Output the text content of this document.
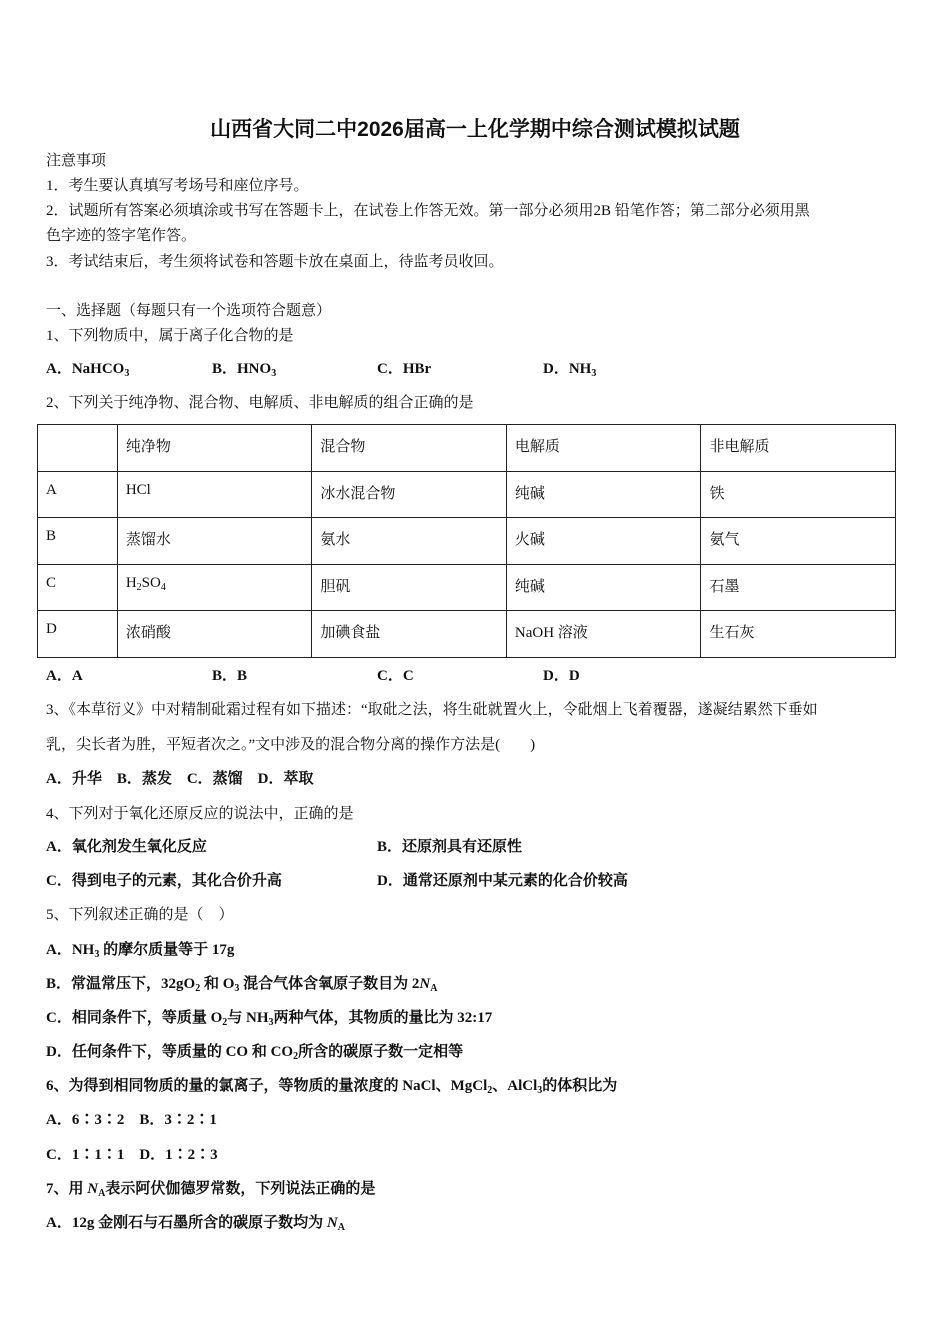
山西省大同二中2026届高一上化学期中综合测试模拟试题
注意事项
1．考生要认真填写考场号和座位序号。
2．试题所有答案必须填涂或书写在答题卡上，在试卷上作答无效。第一部分必须用2B 铅笔作答；第二部分必须用黑
色字迹的签字笔作答。
3．考试结束后，考生须将试卷和答题卡放在桌面上，待监考员收回。
一、选择题（每题只有一个选项符合题意）
1、下列物质中，属于离子化合物的是
A．NaHCO$_3$	B．$HNO_3$	C．HBr	D．$NH_3$
2、下列关于纯净物、混合物、电解质、非电解质的组合正确的是
	纯净物	混合物	电解质	非电解质
A	HCl	冰水混合物	纯碱	铁
B	蒸馏水	氨水	火碱	氨气
C	$H_2SO_4$	胆矾	纯碱	石墨
D	浓硝酸	加碘食盐	NaOH 溶液	生石灰
A．A	B．B	C．C	D．D
3、《本草衍义》中对精制砒霜过程有如下描述：“取砒之法，将生砒就置火上，令砒烟上飞着覆器，遂凝结累然下垂如
乳，尖长者为胜，平短者次之。”文中涉及的混合物分离的操作方法是(　　)
A．升华　B．蒸发　C．蒸馏　D．萃取
4、下列对于氧化还原反应的说法中，正确的是
A．氧化剂发生氧化反应	B．还原剂具有还原性
C．得到电子的元素，其化合价升高	D．通常还原剂中某元素的化合价较高
5、下列叙述正确的是（　）
A．$NH_3$ 的摩尔质量等于 17g
B．常温常压下，$32gO_2$ 和 $O_3$ 混合气体含氧原子数目为 $2N_A$
C．相同条件下，等质量 $O_2$与 $NH_3$两种气体，其物质的量比为 32:17
D．任何条件下，等质量的 CO 和 $CO_2$所含的碳原子数一定相等
6、为得到相同物质的量的氯离子，等物质的量浓度的 NaCl、MgCl$_2$、AlCl$_3$的体积比为
A．6∶3∶2　B．3∶2∶1
C．1∶1∶1　D．1∶2∶3
7、用 $N_A$表示阿伏伽德罗常数，下列说法正确的是
A．12g 金刚石与石墨所含的碳原子数均为 $N_A$
